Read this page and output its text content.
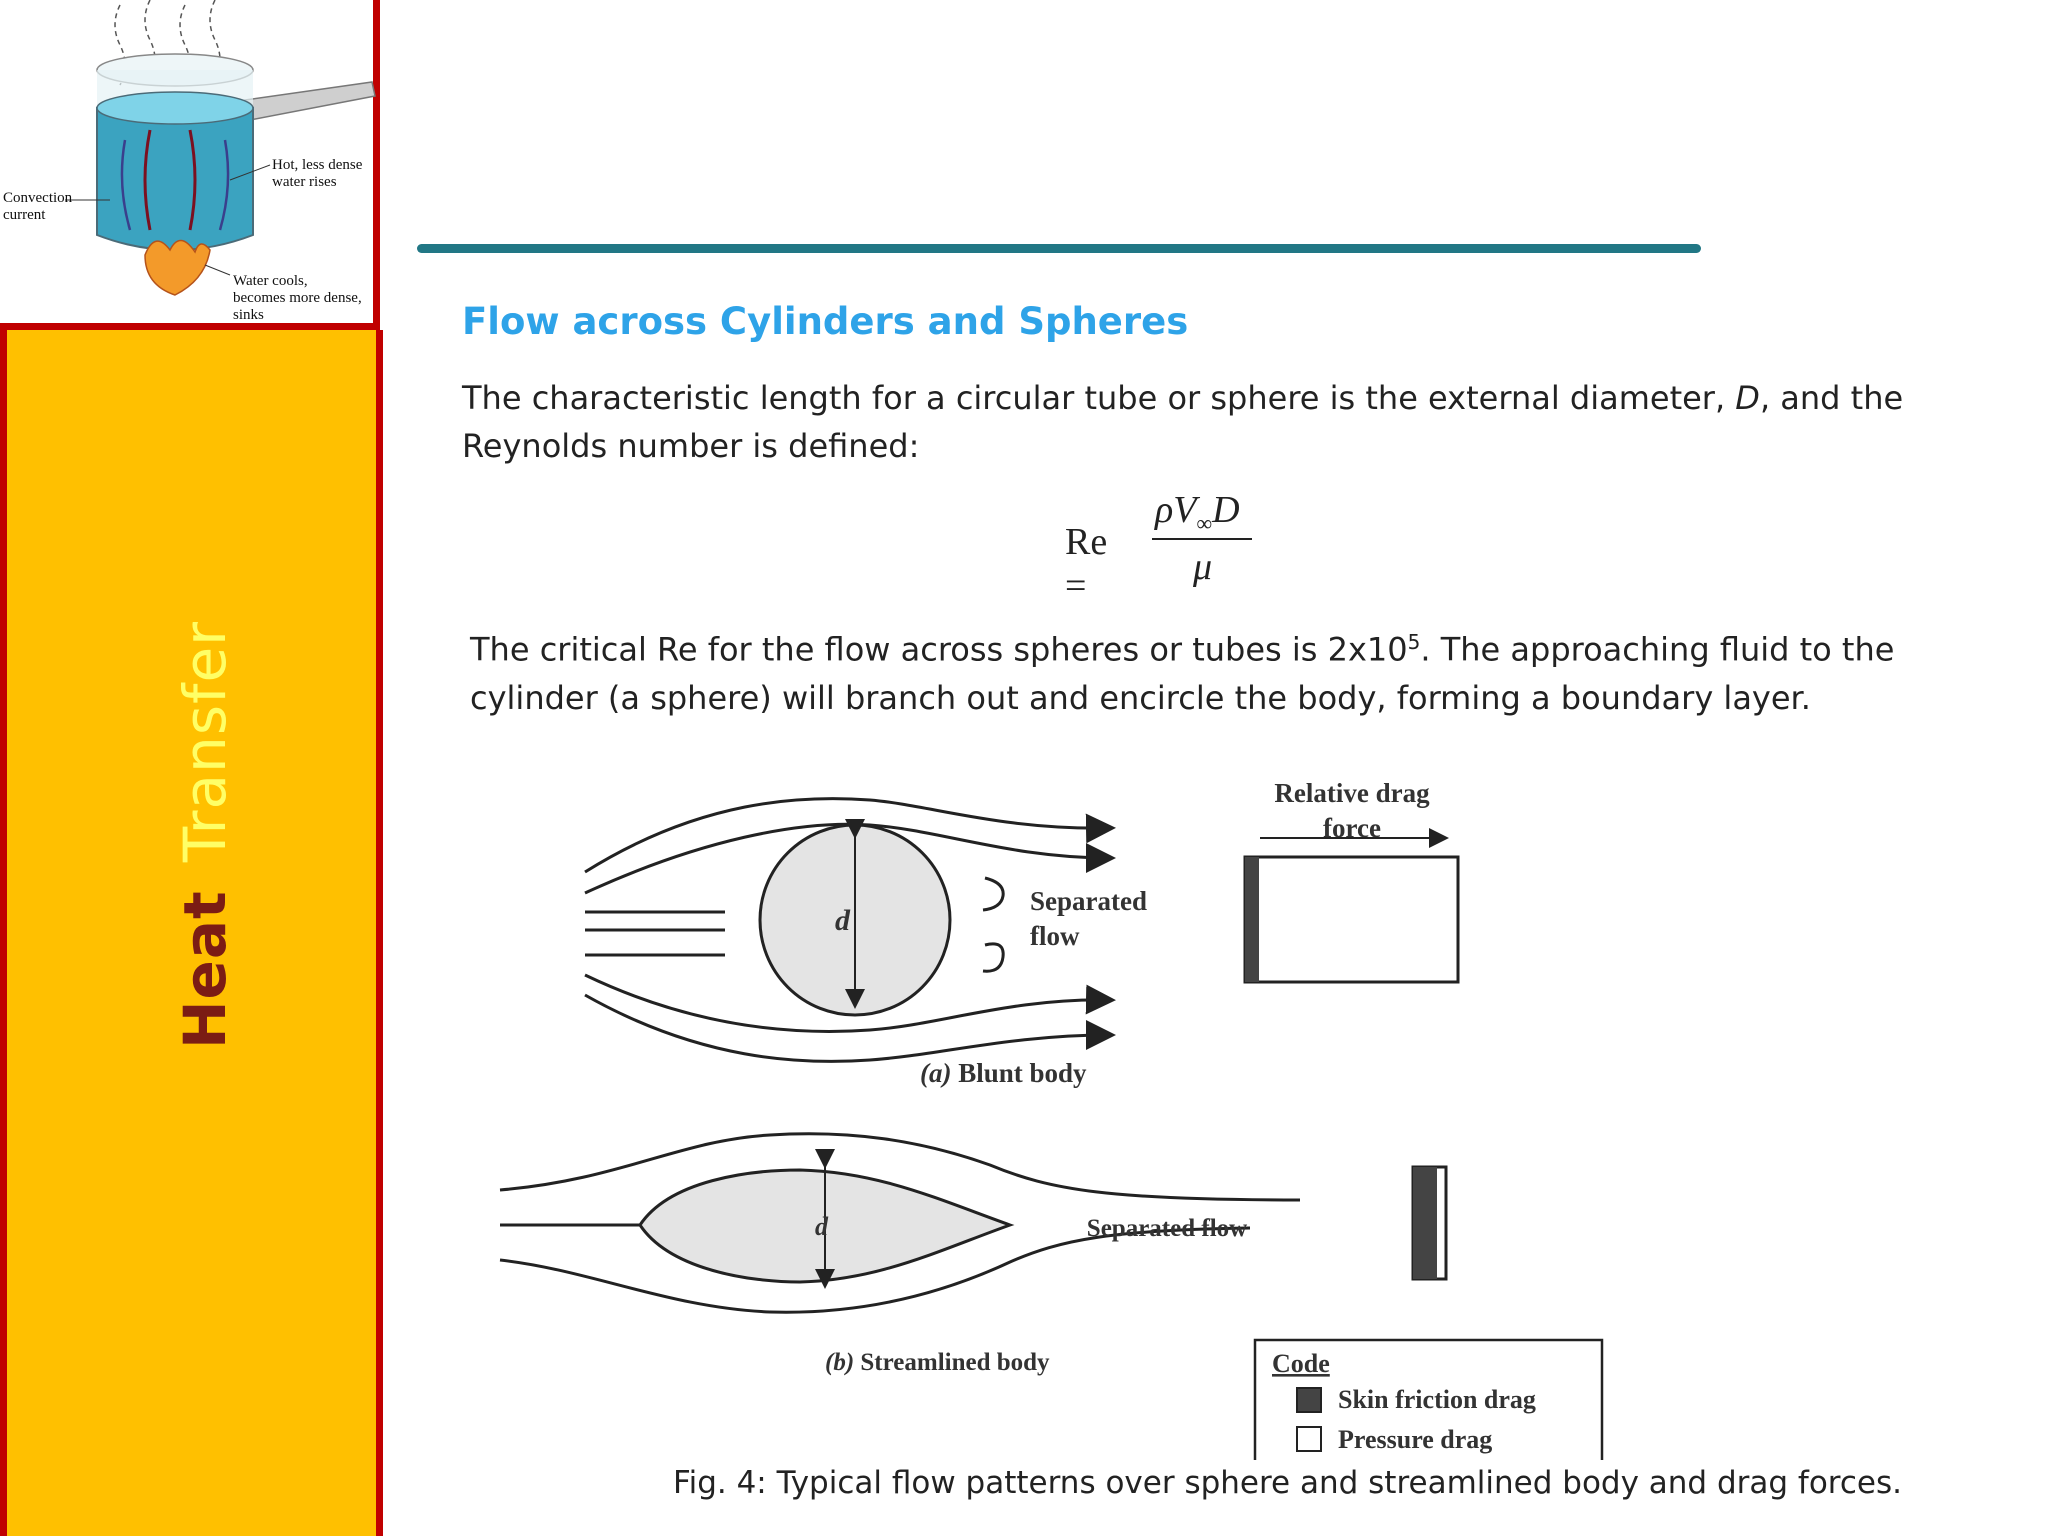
Hot, less dense
water rises
Convection
current
Water cools,
becomes more dense,
sinks
HeatTransfer
Flow across Cylinders and Spheres
The characteristic length for a circular tube or sphere is the external diameter, D, and the Reynolds number is defined:
Re =
$\rho V_\infty D$
μ
The critical Re for the flow across spheres or tubes is $2x10^5$. The approaching fluid to the cylinder (a sphere) will branch out and encircle the body, forming a boundary layer.
d
Separated
flow
Relative drag
force
(a) Blunt body
d	Separated flow
(b) Streamlined body	Code
Skin friction drag
Pressure drag
Fig. 4: Typical flow patterns over sphere and streamlined body and drag forces.
